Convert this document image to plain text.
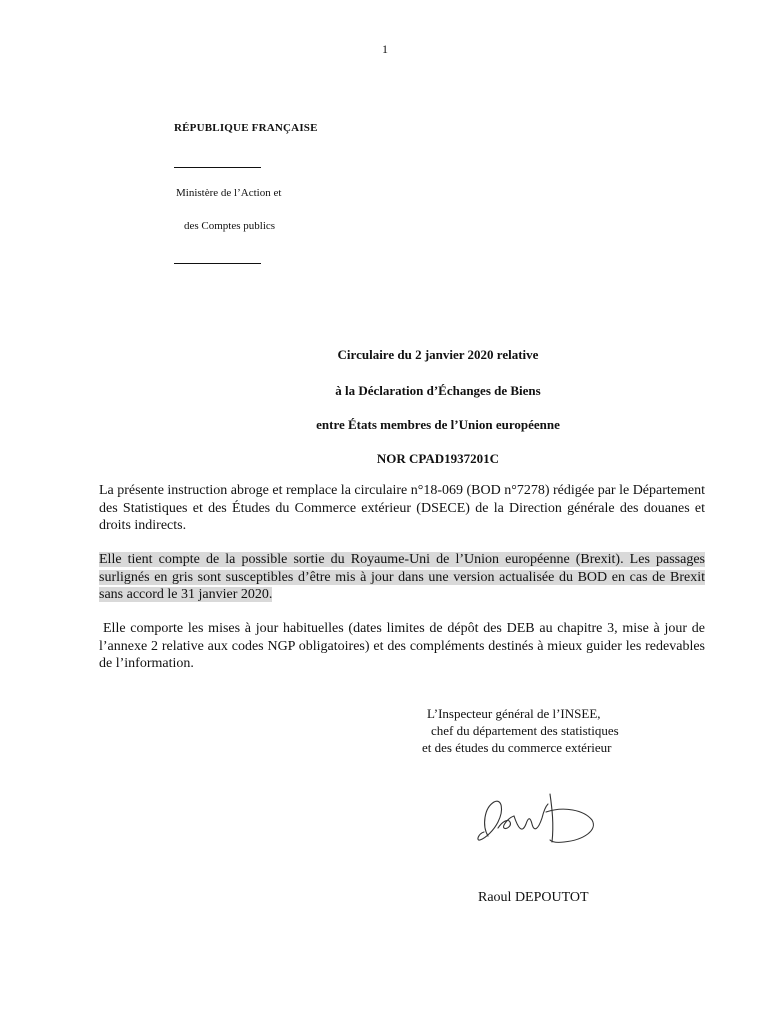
1
RÉPUBLIQUE FRANÇAISE
Ministère de l’Action et
des Comptes publics
Circulaire du 2 janvier 2020 relative
à la Déclaration d’Échanges de Biens
entre États membres de l’Union européenne
NOR CPAD1937201C
La présente instruction abroge et remplace la circulaire n°18-069 (BOD n°7278) rédigée par le Département des Statistiques et des Études du Commerce extérieur (DSECE) de la Direction générale des douanes et droits indirects.
Elle tient compte de la possible sortie du Royaume-Uni de l’Union européenne (Brexit). Les passages surlignés en gris sont susceptibles d’être mis à jour dans une version actualisée du BOD en cas de Brexit sans accord le 31 janvier 2020.
Elle comporte les mises à jour habituelles (dates limites de dépôt des DEB au chapitre 3, mise à jour de l’annexe 2 relative aux codes NGP obligatoires) et des compléments destinés à mieux guider les redevables de l’information.
L’Inspecteur général de l’INSEE,
chef du département des statistiques
et des études du commerce extérieur
Raoul DEPOUTOT
